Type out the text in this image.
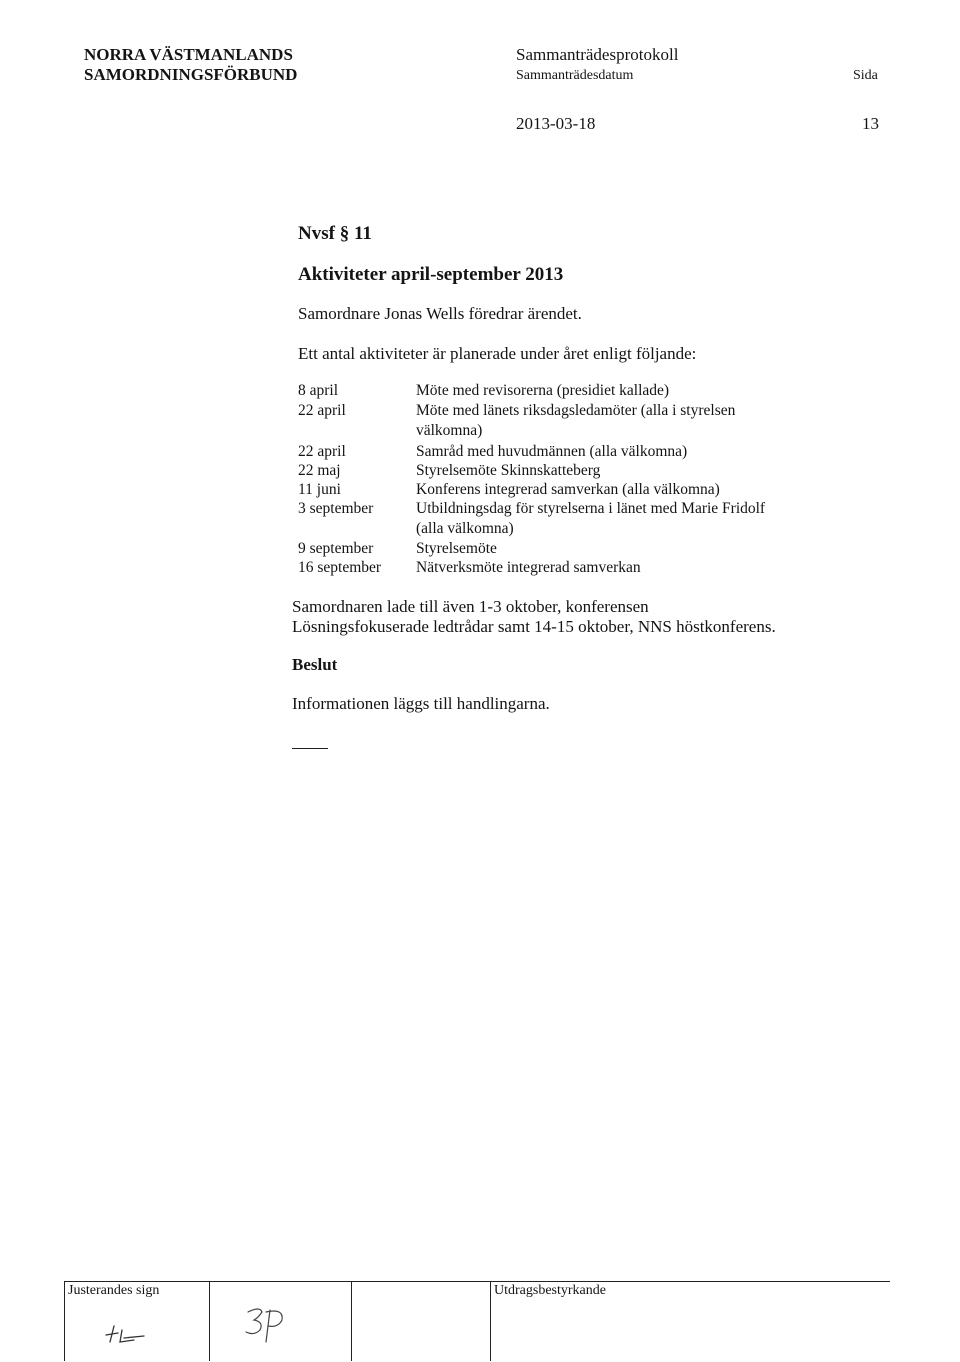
NORRA VÄSTMANLANDS
SAMORDNINGSFÖRBUND
Sammanträdesprotokoll
Sammanträdesdatum	Sida
2013-03-18	13
Nvsf § 11
Aktiviteter april-september 2013
Samordnare Jonas Wells föredrar ärendet.
Ett antal aktiviteter är planerade under året enligt följande:
8 april	Möte med revisorerna (presidiet kallade)
22 april	Möte med länets riksdagsledamöter (alla i styrelsen
välkomna)
22 april	Samråd med huvudmännen (alla välkomna)
22 maj	Styrelsemöte Skinnskatteberg
11 juni	Konferens integrerad samverkan (alla välkomna)
3 september	Utbildningsdag för styrelserna i länet med Marie Fridolf
(alla välkomna)
9 september	Styrelsemöte
16 september Nätverksmöte integrerad samverkan
Samordnaren lade till även 1-3 oktober, konferensen
Lösningsfokuserade ledtrådar samt 14-15 oktober, NNS höstkonferens.
Beslut
Informationen läggs till handlingarna.
Justerandes sign	Utdragsbestyrkande
